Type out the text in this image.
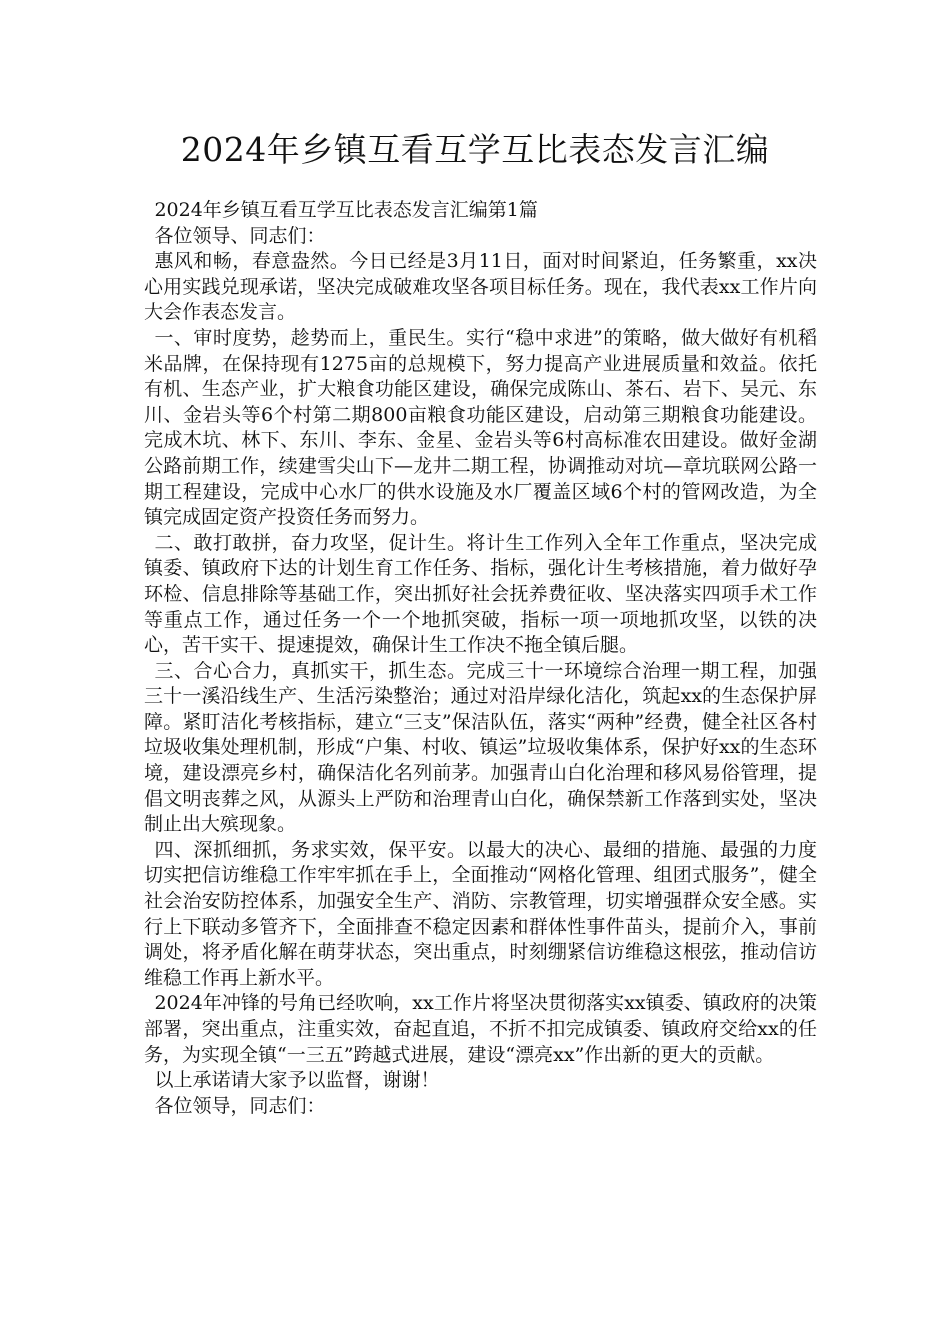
2024年乡镇互看互学互比表态发言汇编

2024年乡镇互看互学互比表态发言汇编第1篇

各位领导、同志们：

惠风和畅，春意盎然。今日已经是3月11日，面对时间紧迫，任务繁重，xx决心用实践兑现承诺，坚决完成破难攻坚各项目标任务。现在，我代表xx工作片向大会作表态发言。

一、审时度势，趁势而上，重民生。实行“稳中求进”的策略，做大做好有机稻米品牌，在保持现有1275亩的总规模下，努力提高产业进展质量和效益。依托有机、生态产业，扩大粮食功能区建设，确保完成陈山、茶石、岩下、吴元、东川、金岩头等6个村第二期800亩粮食功能区建设，启动第三期粮食功能建设。完成木坑、林下、东川、李东、金星、金岩头等6村高标准农田建设。做好金湖公路前期工作，续建雪尖山下—龙井二期工程，协调推动对坑—章坑联网公路一期工程建设，完成中心水厂的供水设施及水厂覆盖区域6个村的管网改造，为全镇完成固定资产投资任务而努力。

二、敢打敢拼，奋力攻坚，促计生。将计生工作列入全年工作重点，坚决完成镇委、镇政府下达的计划生育工作任务、指标，强化计生考核措施，着力做好孕环检、信息排除等基础工作，突出抓好社会抚养费征收、坚决落实四项手术工作等重点工作，通过任务一个一个地抓突破，指标一项一项地抓攻坚，以铁的决心，苦干实干、提速提效，确保计生工作决不拖全镇后腿。

三、合心合力，真抓实干，抓生态。完成三十一环境综合治理一期工程，加强三十一溪沿线生产、生活污染整治；通过对沿岸绿化洁化，筑起xx的生态保护屏障。紧盯洁化考核指标，建立“三支”保洁队伍，落实“两种”经费，健全社区各村垃圾收集处理机制，形成“户集、村收、镇运”垃圾收集体系，保护好xx的生态环境，建设漂亮乡村，确保洁化名列前茅。加强青山白化治理和移风易俗管理，提倡文明丧葬之风，从源头上严防和治理青山白化，确保禁新工作落到实处，坚决制止出大殡现象。

四、深抓细抓，务求实效，保平安。以最大的决心、最细的措施、最强的力度切实把信访维稳工作牢牢抓在手上，全面推动“网格化管理、组团式服务”，健全社会治安防控体系，加强安全生产、消防、宗教管理，切实增强群众安全感。实行上下联动多管齐下，全面排查不稳定因素和群体性事件苗头，提前介入，事前调处，将矛盾化解在萌芽状态，突出重点，时刻绷紧信访维稳这根弦，推动信访维稳工作再上新水平。

2024年冲锋的号角已经吹响，xx工作片将坚决贯彻落实xx镇委、镇政府的决策部署，突出重点，注重实效，奋起直追，不折不扣完成镇委、镇政府交给xx的任务，为实现全镇“一三五”跨越式进展，建设“漂亮xx”作出新的更大的贡献。

以上承诺请大家予以监督，谢谢！

各位领导，同志们：
